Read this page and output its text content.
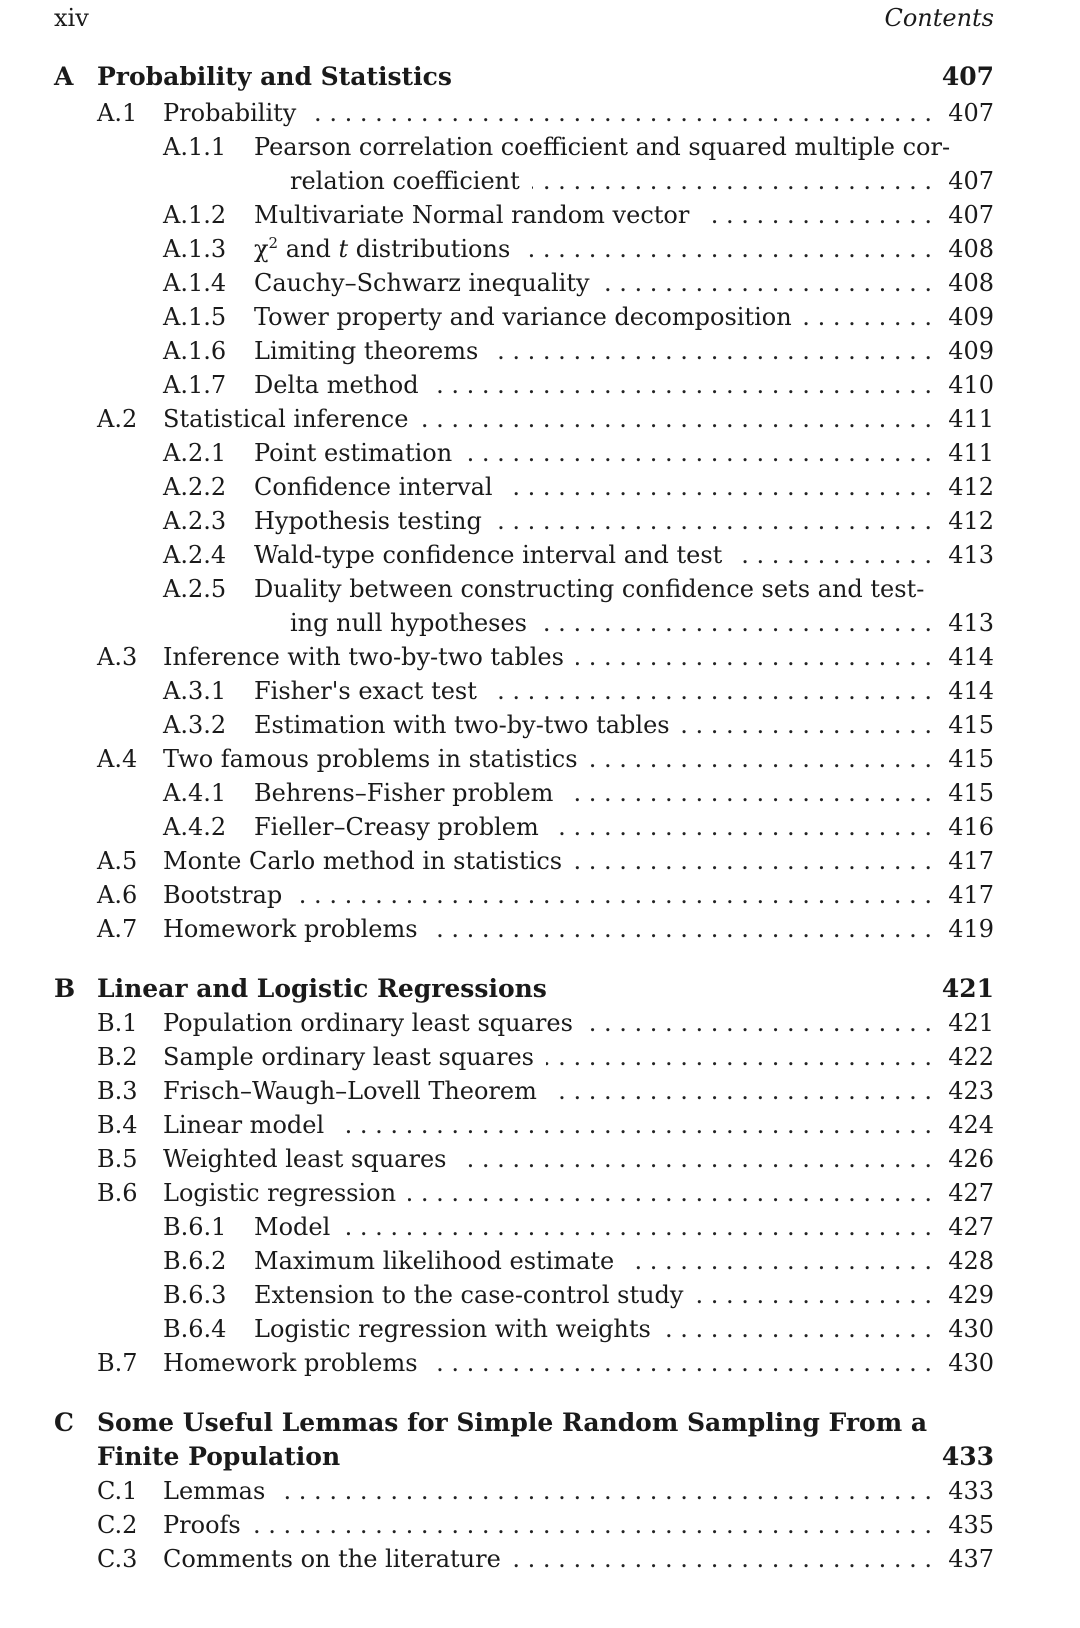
xiv	Contents
A Probability and Statistics	407
A.1 Probability . . .	407
A.1.1 Pearson correlation coefficient and squared multiple cor-
relation coefficient . . .	407
A.1.2 Multivariate Normal random vector . . .	407
A.1.3 $\chi^2$ and t distributions . . .	408
A.1.4 Cauchy–Schwarz inequality . . .	408
A.1.5 Tower property and variance decomposition . . .	409
A.1.6 Limiting theorems . . .	409
A.1.7 Delta method . . .	410
A.2 Statistical inference . . .	411
A.2.1 Point estimation . . .	411
A.2.2 Confidence interval . . .	412
A.2.3 Hypothesis testing . . .	412
A.2.4 Wald-type confidence interval and test . . .	413
A.2.5 Duality between constructing confidence sets and test-
ing null hypotheses . . .	413
A.3 Inference with two-by-two tables . . .	414
A.3.1 Fisher's exact test . . .	414
A.3.2 Estimation with two-by-two tables . . .	415
A.4 Two famous problems in statistics . . .	415
A.4.1 Behrens–Fisher problem . . .	415
A.4.2 Fieller–Creasy problem . . .	416
A.5 Monte Carlo method in statistics . . .	417
A.6 Bootstrap . . .	417
A.7 Homework problems . . .	419
B Linear and Logistic Regressions	421
B.1 Population ordinary least squares . . .	421
B.2 Sample ordinary least squares . . .	422
B.3 Frisch–Waugh–Lovell Theorem . . .	423
B.4 Linear model . . .	424
B.5 Weighted least squares . . .	426
B.6 Logistic regression . . .	427
B.6.1 Model . . .	427
B.6.2 Maximum likelihood estimate . . .	428
B.6.3 Extension to the case-control study . . .	429
B.6.4 Logistic regression with weights . . .	430
B.7 Homework problems . . .	430
C Some Useful Lemmas for Simple Random Sampling From a
Finite Population	433
C.1 Lemmas . . .	433
C.2 Proofs . . .	435
C.3 Comments on the literature . . .	437
